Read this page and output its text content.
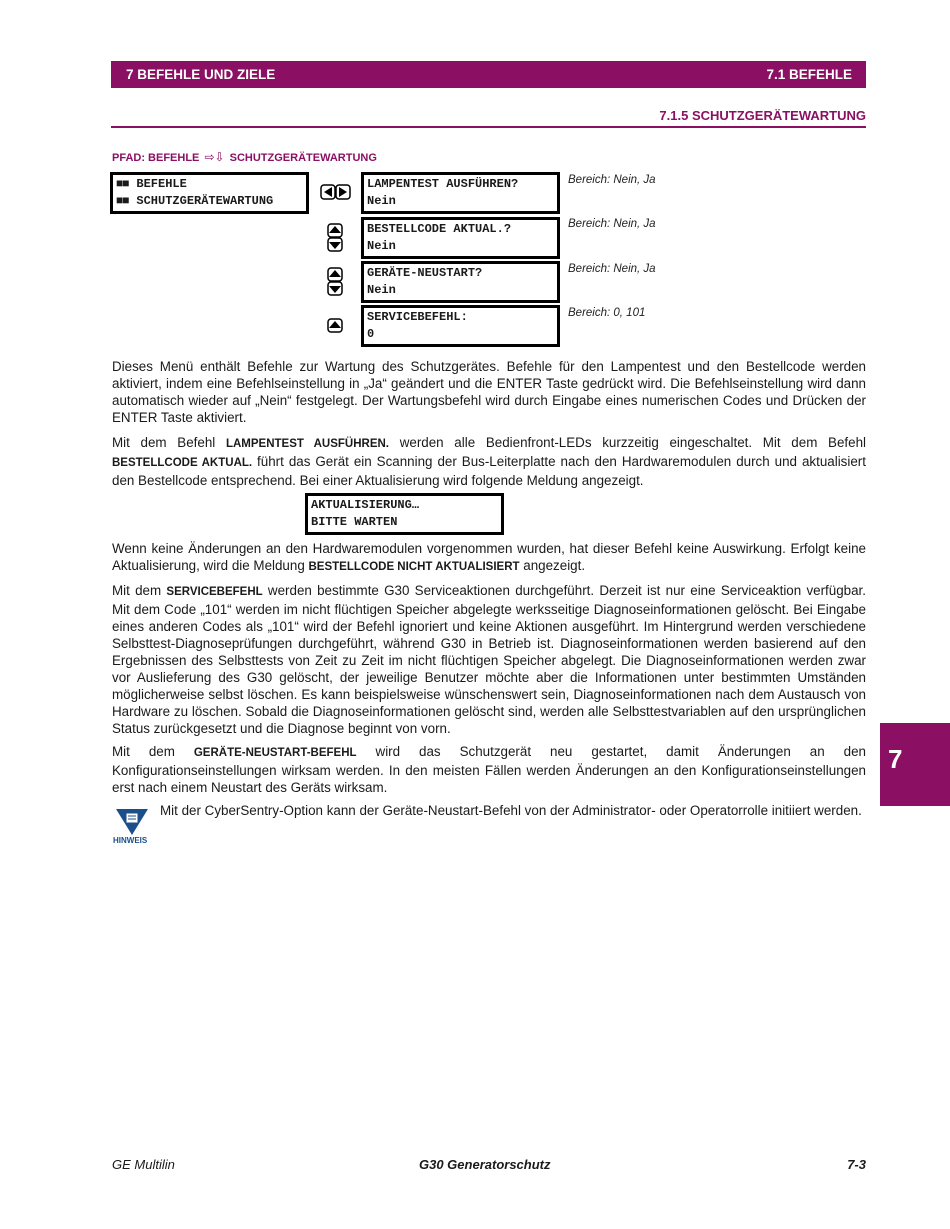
7 BEFEHLE UND ZIELE	7.1 BEFEHLE
7.1.5 SCHUTZGERÄTEWARTUNG
PFAD: BEFEHLE ⇨⇩ SCHUTZGERÄTEWARTUNG
■■ BEFEHLE
■■ SCHUTZGERÄTEWARTUNG
LAMPENTEST AUSFÜHREN?
Nein
Bereich: Nein, Ja
BESTELLCODE AKTUAL.?
Nein
Bereich: Nein, Ja
GERÄTE-NEUSTART?
Nein
Bereich: Nein, Ja
SERVICEBEFEHL:
0
Bereich: 0, 101

Dieses Menü enthält Befehle zur Wartung des Schutzgerätes. Befehle für den Lampentest und den Bestellcode werden aktiviert, indem eine Befehlseinstellung in „Ja“ geändert und die ENTER Taste gedrückt wird. Die Befehlseinstellung wird dann automatisch wieder auf „Nein“ festgelegt. Der Wartungsbefehl wird durch Eingabe eines numerischen Codes und Drücken der ENTER Taste aktiviert.

Mit dem Befehl LAMPENTEST AUSFÜHREN. werden alle Bedienfront-LEDs kurzzeitig eingeschaltet. Mit dem Befehl BESTELLCODE AKTUAL. führt das Gerät ein Scanning der Bus-Leiterplatte nach den Hardwaremodulen durch und aktualisiert den Bestellcode entsprechend. Bei einer Aktualisierung wird folgende Meldung angezeigt.

AKTUALISIERUNG…
BITTE WARTEN

Wenn keine Änderungen an den Hardwaremodulen vorgenommen wurden, hat dieser Befehl keine Auswirkung. Erfolgt keine Aktualisierung, wird die Meldung BESTELLCODE NICHT AKTUALISIERT angezeigt.

Mit dem SERVICEBEFEHL werden bestimmte G30 Serviceaktionen durchgeführt. Derzeit ist nur eine Serviceaktion verfügbar. Mit dem Code „101“ werden im nicht flüchtigen Speicher abgelegte werksseitige Diagnoseinformationen gelöscht. Bei Eingabe eines anderen Codes als „101“ wird der Befehl ignoriert und keine Aktionen ausgeführt. Im Hintergrund werden verschiedene Selbsttest-Diagnoseprüfungen durchgeführt, während G30 in Betrieb ist. Diagnoseinformationen werden basierend auf den Ergebnissen des Selbsttests von Zeit zu Zeit im nicht flüchtigen Speicher abgelegt. Die Diagnoseinformationen werden zwar vor Auslieferung des G30 gelöscht, der jeweilige Benutzer möchte aber die Informationen unter bestimmten Umständen möglicherweise selbst löschen. Es kann beispielsweise wünschenswert sein, Diagnoseinformationen nach dem Austausch von Hardware zu löschen. Sobald die Diagnoseinformationen gelöscht sind, werden alle Selbsttestvariablen auf den ursprünglichen Status zurückgesetzt und die Diagnose beginnt von vorn.

Mit dem GERÄTE-NEUSTART-BEFEHL wird das Schutzgerät neu gestartet, damit Änderungen an den Konfigurationseinstellungen wirksam werden. In den meisten Fällen werden Änderungen an den Konfigurationseinstellungen erst nach einem Neustart des Geräts wirksam.

HINWEIS
Mit der CyberSentry-Option kann der Geräte-Neustart-Befehl von der Administrator- oder Operatorrolle initiiert werden.
7
GE Multilin	G30 Generatorschutz	7-3
